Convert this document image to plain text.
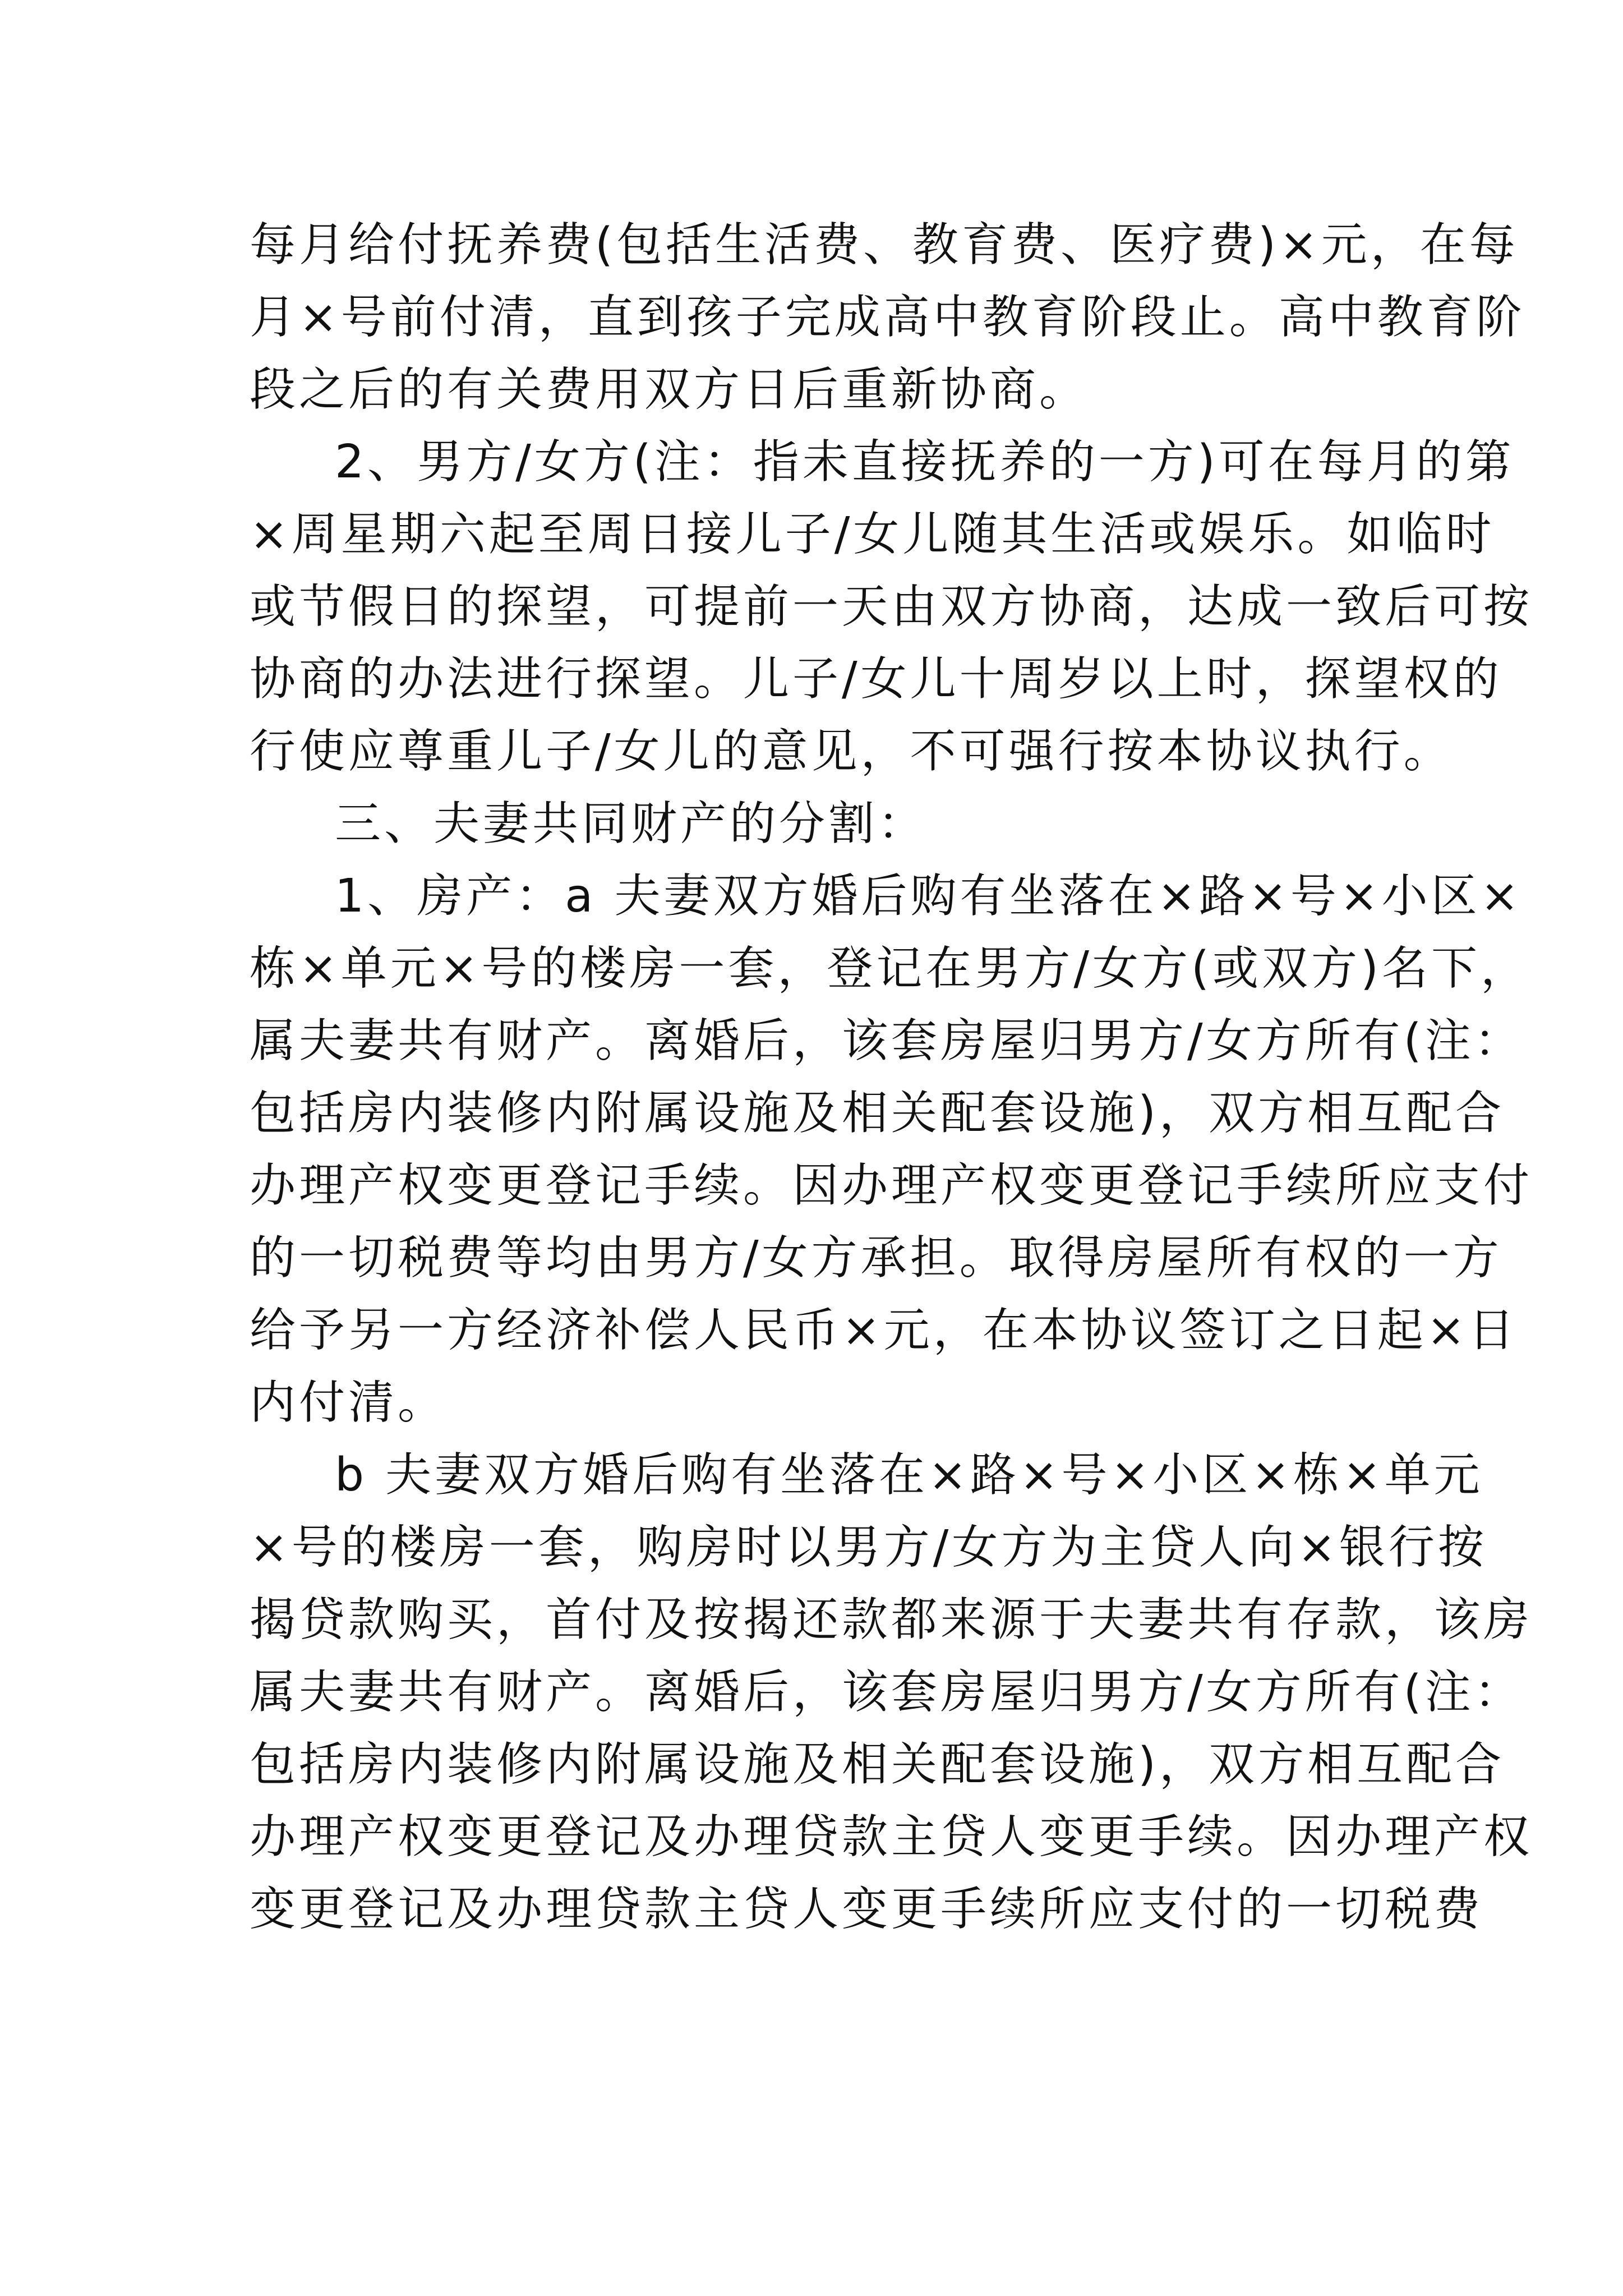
每月给付抚养费(包括生活费、教育费、医疗费)×元，在每

月×号前付清，直到孩子完成高中教育阶段止。高中教育阶

段之后的有关费用双方日后重新协商。

2、男方/女方(注：指未直接抚养的一方)可在每月的第

×周星期六起至周日接儿子/女儿随其生活或娱乐。如临时

或节假日的探望，可提前一天由双方协商，达成一致后可按

协商的办法进行探望。儿子/女儿十周岁以上时，探望权的

行使应尊重儿子/女儿的意见，不可强行按本协议执行。

三、夫妻共同财产的分割：

1、房产：a 夫妻双方婚后购有坐落在×路×号×小区×

栋×单元×号的楼房一套，登记在男方/女方(或双方)名下，

属夫妻共有财产。离婚后，该套房屋归男方/女方所有(注：

包括房内装修内附属设施及相关配套设施)，双方相互配合

办理产权变更登记手续。因办理产权变更登记手续所应支付

的一切税费等均由男方/女方承担。取得房屋所有权的一方

给予另一方经济补偿人民币×元，在本协议签订之日起×日

内付清。

b 夫妻双方婚后购有坐落在×路×号×小区×栋×单元

×号的楼房一套，购房时以男方/女方为主贷人向×银行按

揭贷款购买，首付及按揭还款都来源于夫妻共有存款，该房

属夫妻共有财产。离婚后，该套房屋归男方/女方所有(注：

包括房内装修内附属设施及相关配套设施)，双方相互配合

办理产权变更登记及办理贷款主贷人变更手续。因办理产权

变更登记及办理贷款主贷人变更手续所应支付的一切税费
